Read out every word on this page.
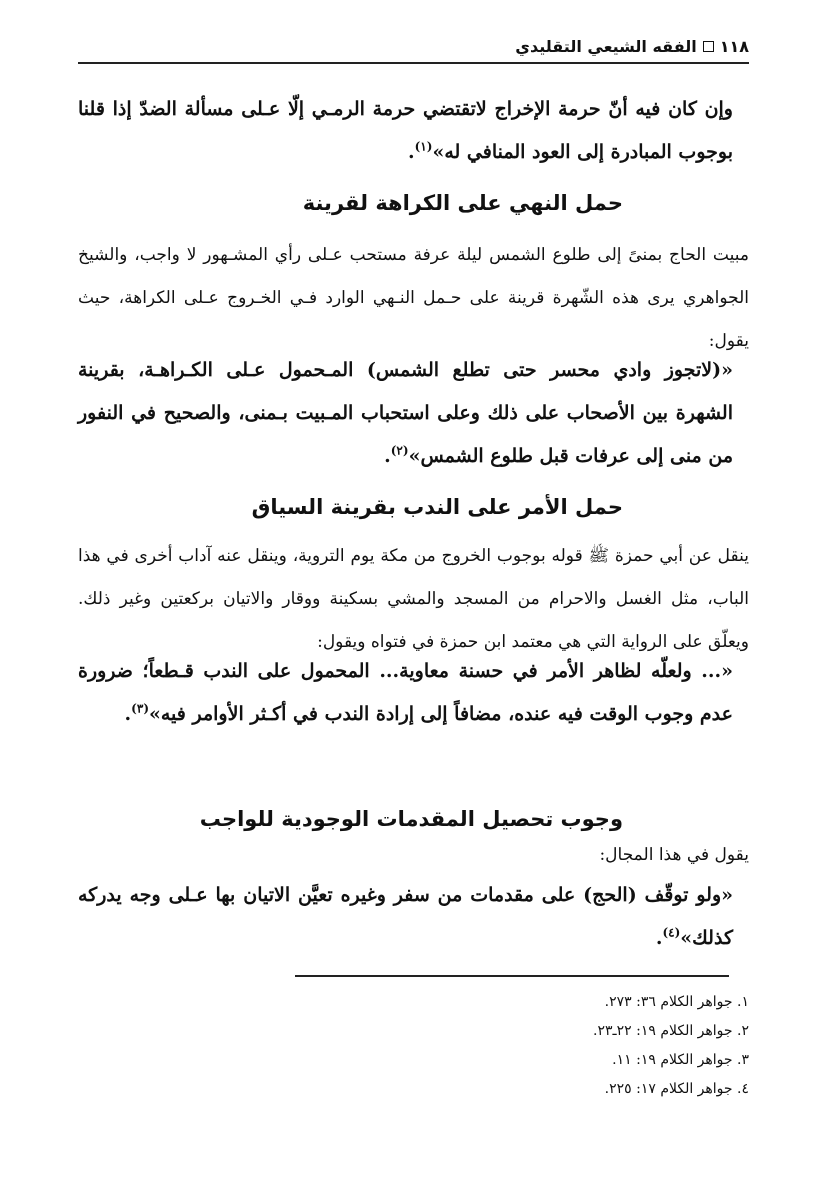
١١٨
الفقه الشيعي التقليدي

وإن كان فيه أنّ حرمة الإخراج لاتقتضي حرمة الرمـي إلّا عـلى مسألة الضدّ إذا قلنا بوجوب المبادرة إلى العود المنافي له»$^{(١)}$.

حمل النهي على الكراهة لقرينة

مبيت الحاج بمنىً إلى طلوع الشمس ليلة عرفة مستحب عـلى رأي المشـهور لا واجب، والشيخ الجواهري يرى هذه الشّهرة قرينة على حـمل النـهي الوارد فـي الخـروج عـلى الكراهة، حيث يقول:

«(لاتجوز وادي محسر حتى تطلع الشمس) المـحمول عـلى الكـراهـة، بقرينة الشهرة بين الأصحاب على ذلك وعلى استحباب المـبيت بـمنى، والصحيح في النفور من منى إلى عرفات قبل طلوع الشمس»$^{(٢)}$.

حمل الأمر على الندب بقرينة السياق

ينقل عن أبي حمزة ﷺ قوله بوجوب الخروج من مكة يوم التروية، وينقل عنه آداب أخرى في هذا الباب، مثل الغسل والاحرام من المسجد والمشي بسكينة ووقار والاتيان بركعتين وغير ذلك. ويعلّق على الرواية التي هي معتمد ابن حمزة في فتواه ويقول:

«... ولعلّه لظاهر الأمر في حسنة معاوية... المحمول على الندب قـطعاً؛ ضرورة عدم وجوب الوقت فيه عنده، مضافاً إلى إرادة الندب في أكـثر الأوامر فيه»$^{(٣)}$.

وجوب تحصيل المقدمات الوجودية للواجب

يقول في هذا المجال:

«ولو توقّف (الحج) على مقدمات من سفر وغيره تعيَّن الاتيان بها عـلى وجه يدركه كذلك»$^{(٤)}$.

١. جواهر الكلام ٣٦: ٢٧٣.

٢. جواهر الكلام ١٩: ٢٢ـ٢٣.

٣. جواهر الكلام ١٩: ١١.

٤. جواهر الكلام ١٧: ٢٢٥.
